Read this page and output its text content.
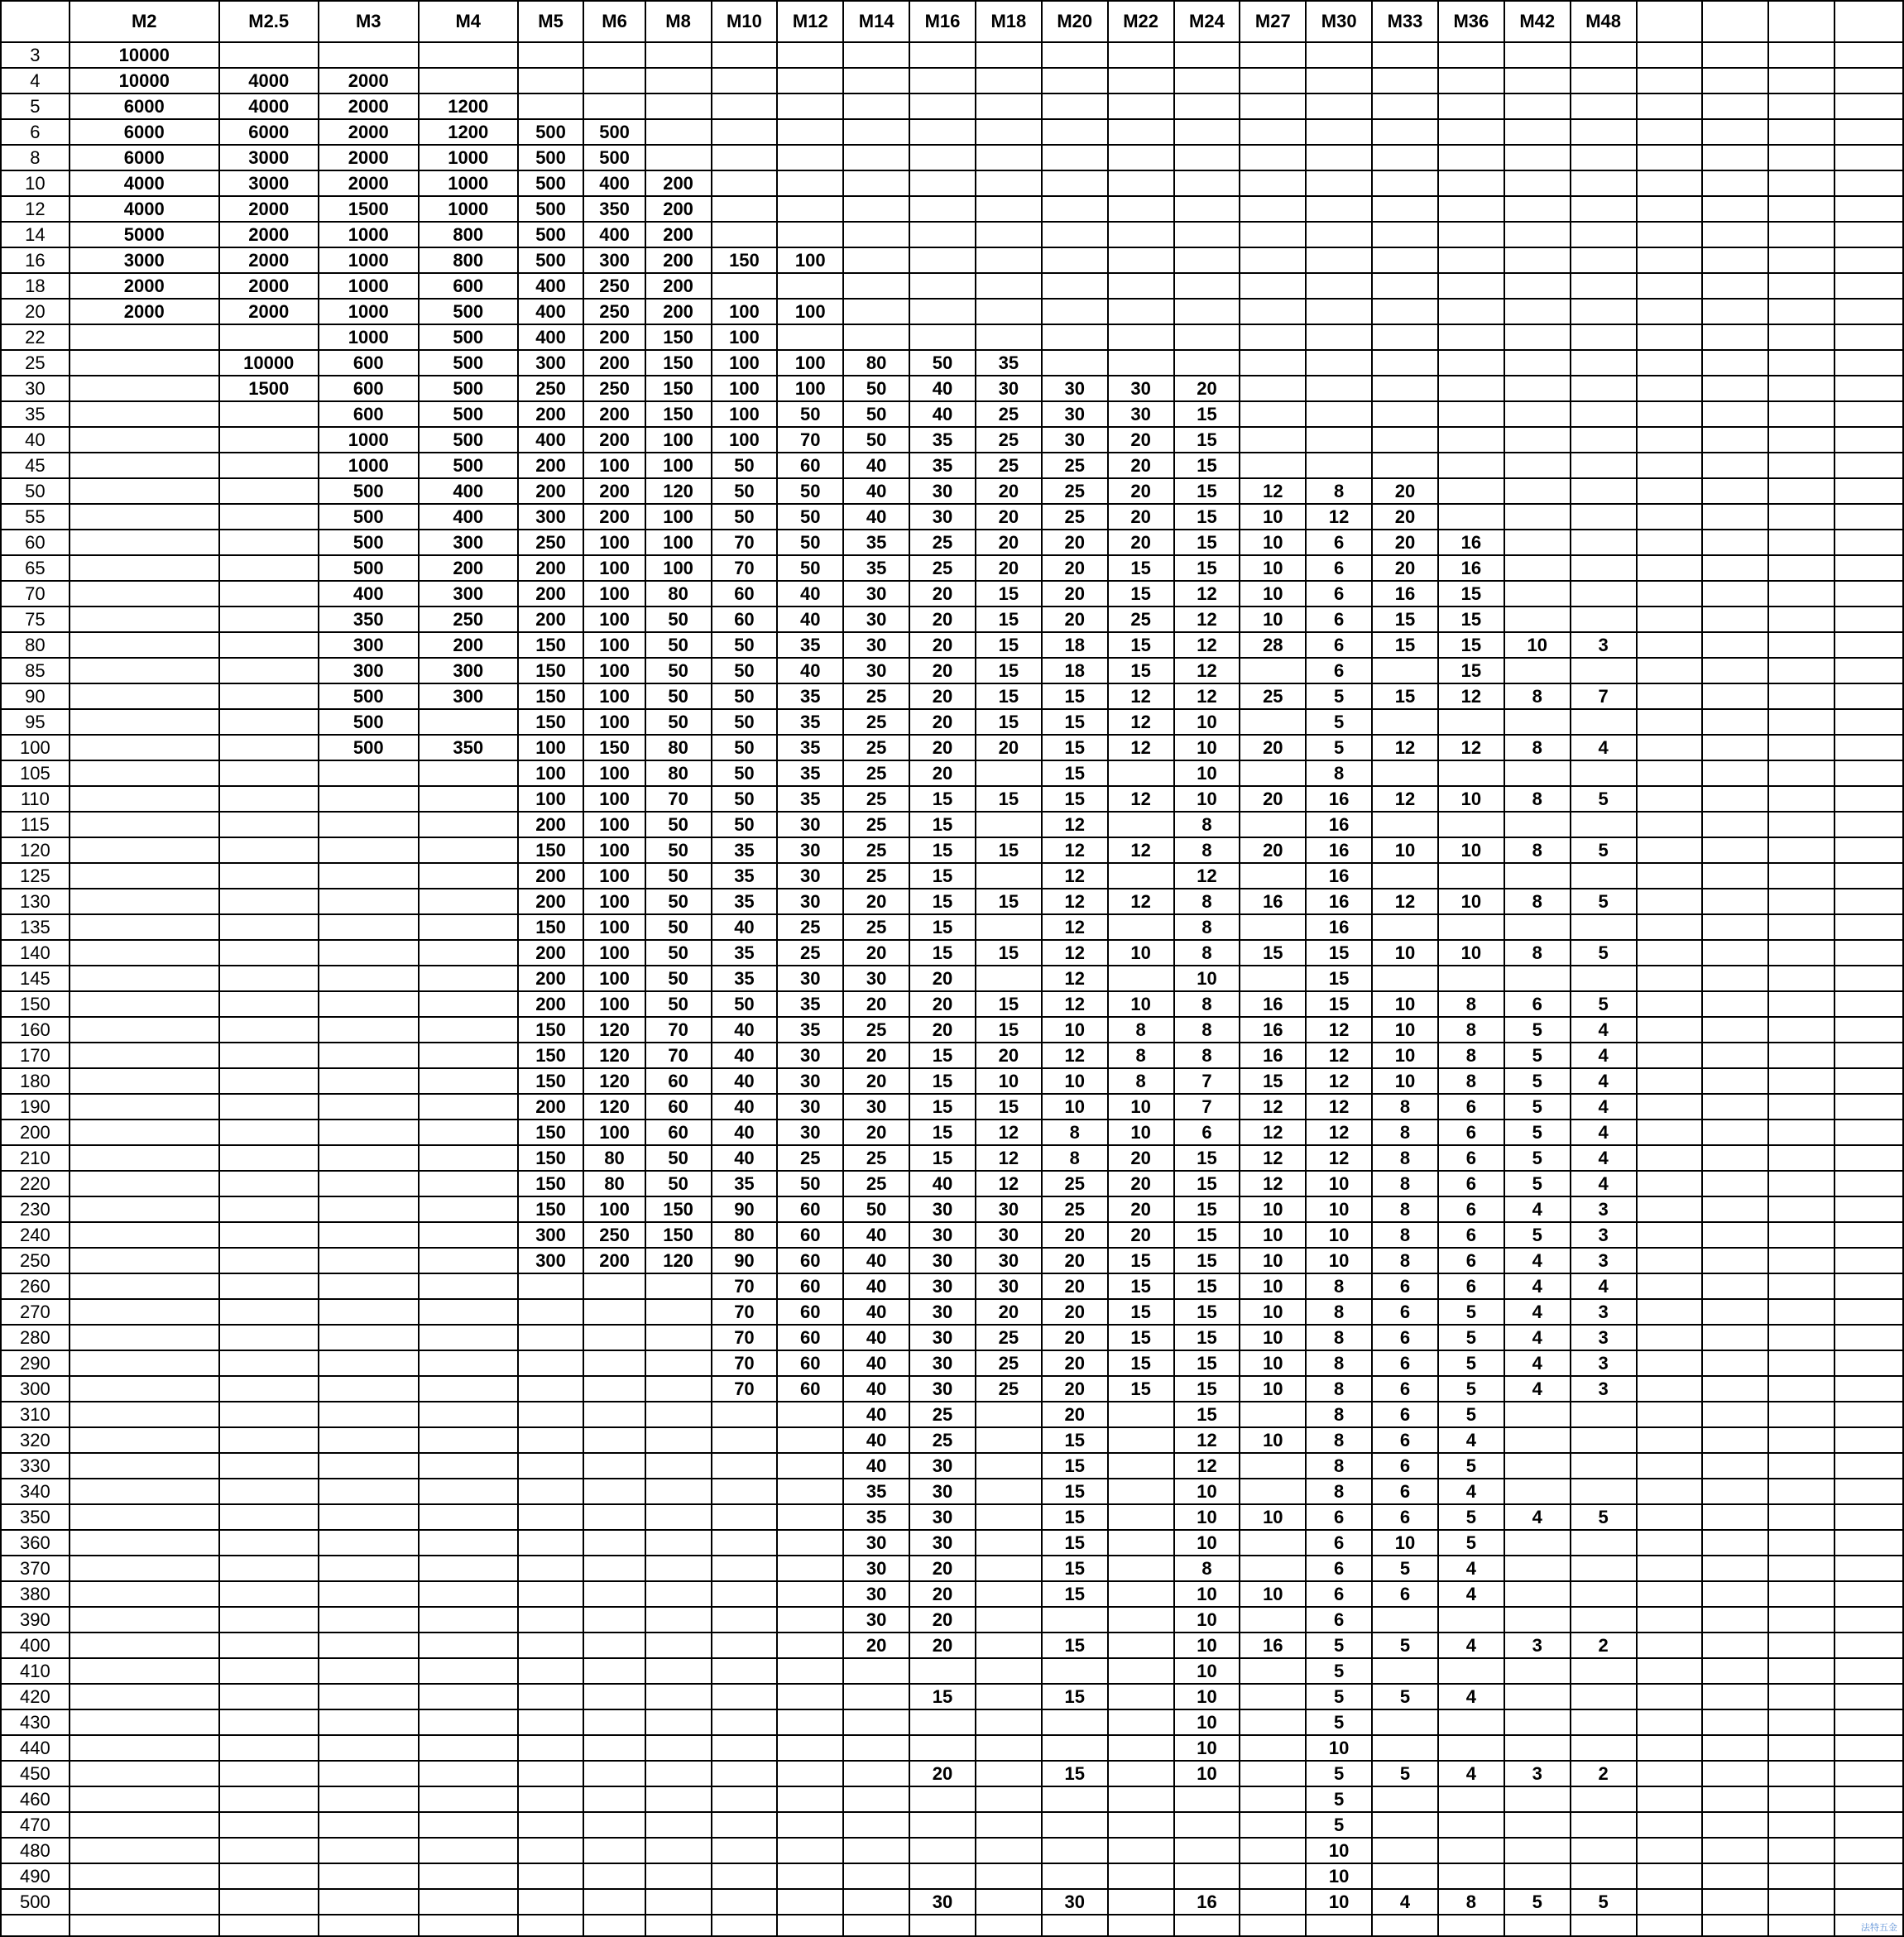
	M2	M2.5	M3	M4	M5	M6	M8	M10	M12	M14	M16	M18	M20	M22	M24	M27	M30	M33	M36	M42	M48				
3	10000																								
4	10000	4000	2000																						
5	6000	4000	2000	1200																					
6	6000	6000	2000	1200	500	500																			
8	6000	3000	2000	1000	500	500																			
10	4000	3000	2000	1000	500	400	200																		
12	4000	2000	1500	1000	500	350	200																		
14	5000	2000	1000	800	500	400	200																		
16	3000	2000	1000	800	500	300	200	150	100																
18	2000	2000	1000	600	400	250	200																		
20	2000	2000	1000	500	400	250	200	100	100																
22			1000	500	400	200	150	100																	
25		10000	600	500	300	200	150	100	100	80	50	35													
30		1500	600	500	250	250	150	100	100	50	40	30	30	30	20										
35			600	500	200	200	150	100	50	50	40	25	30	30	15										
40			1000	500	400	200	100	100	70	50	35	25	30	20	15										
45			1000	500	200	100	100	50	60	40	35	25	25	20	15										
50			500	400	200	200	120	50	50	40	30	20	25	20	15	12	8	20							
55			500	400	300	200	100	50	50	40	30	20	25	20	15	10	12	20							
60			500	300	250	100	100	70	50	35	25	20	20	20	15	10	6	20	16						
65			500	200	200	100	100	70	50	35	25	20	20	15	15	10	6	20	16						
70			400	300	200	100	80	60	40	30	20	15	20	15	12	10	6	16	15						
75			350	250	200	100	50	60	40	30	20	15	20	25	12	10	6	15	15						
80			300	200	150	100	50	50	35	30	20	15	18	15	12	28	6	15	15	10	3				
85			300	300	150	100	50	50	40	30	20	15	18	15	12		6		15						
90			500	300	150	100	50	50	35	25	20	15	15	12	12	25	5	15	12	8	7				
95			500		150	100	50	50	35	25	20	15	15	12	10		5								
100			500	350	100	150	80	50	35	25	20	20	15	12	10	20	5	12	12	8	4				
105					100	100	80	50	35	25	20		15		10		8								
110					100	100	70	50	35	25	15	15	15	12	10	20	16	12	10	8	5				
115					200	100	50	50	30	25	15		12		8		16								
120					150	100	50	35	30	25	15	15	12	12	8	20	16	10	10	8	5				
125					200	100	50	35	30	25	15		12		12		16								
130					200	100	50	35	30	20	15	15	12	12	8	16	16	12	10	8	5				
135					150	100	50	40	25	25	15		12		8		16								
140					200	100	50	35	25	20	15	15	12	10	8	15	15	10	10	8	5				
145					200	100	50	35	30	30	20		12		10		15								
150					200	100	50	50	35	20	20	15	12	10	8	16	15	10	8	6	5				
160					150	120	70	40	35	25	20	15	10	8	8	16	12	10	8	5	4				
170					150	120	70	40	30	20	15	20	12	8	8	16	12	10	8	5	4				
180					150	120	60	40	30	20	15	10	10	8	7	15	12	10	8	5	4				
190					200	120	60	40	30	30	15	15	10	10	7	12	12	8	6	5	4				
200					150	100	60	40	30	20	15	12	8	10	6	12	12	8	6	5	4				
210					150	80	50	40	25	25	15	12	8	20	15	12	12	8	6	5	4				
220					150	80	50	35	50	25	40	12	25	20	15	12	10	8	6	5	4				
230					150	100	150	90	60	50	30	30	25	20	15	10	10	8	6	4	3				
240					300	250	150	80	60	40	30	30	20	20	15	10	10	8	6	5	3				
250					300	200	120	90	60	40	30	30	20	15	15	10	10	8	6	4	3				
260								70	60	40	30	30	20	15	15	10	8	6	6	4	4				
270								70	60	40	30	20	20	15	15	10	8	6	5	4	3				
280								70	60	40	30	25	20	15	15	10	8	6	5	4	3				
290								70	60	40	30	25	20	15	15	10	8	6	5	4	3				
300								70	60	40	30	25	20	15	15	10	8	6	5	4	3				
310										40	25		20		15		8	6	5						
320										40	25		15		12	10	8	6	4						
330										40	30		15		12		8	6	5						
340										35	30		15		10		8	6	4						
350										35	30		15		10	10	6	6	5	4	5				
360										30	30		15		10		6	10	5						
370										30	20		15		8		6	5	4						
380										30	20		15		10	10	6	6	4						
390										30	20				10		6								
400										20	20		15		10	16	5	5	4	3	2				
410															10		5								
420											15		15		10		5	5	4						
430															10		5								
440															10		10								
450											20		15		10		5	5	4	3	2				
460																	5								
470																	5								
480																	10								
490																	10								
500											30		30		16		10	4	8	5	5				

法特五金
